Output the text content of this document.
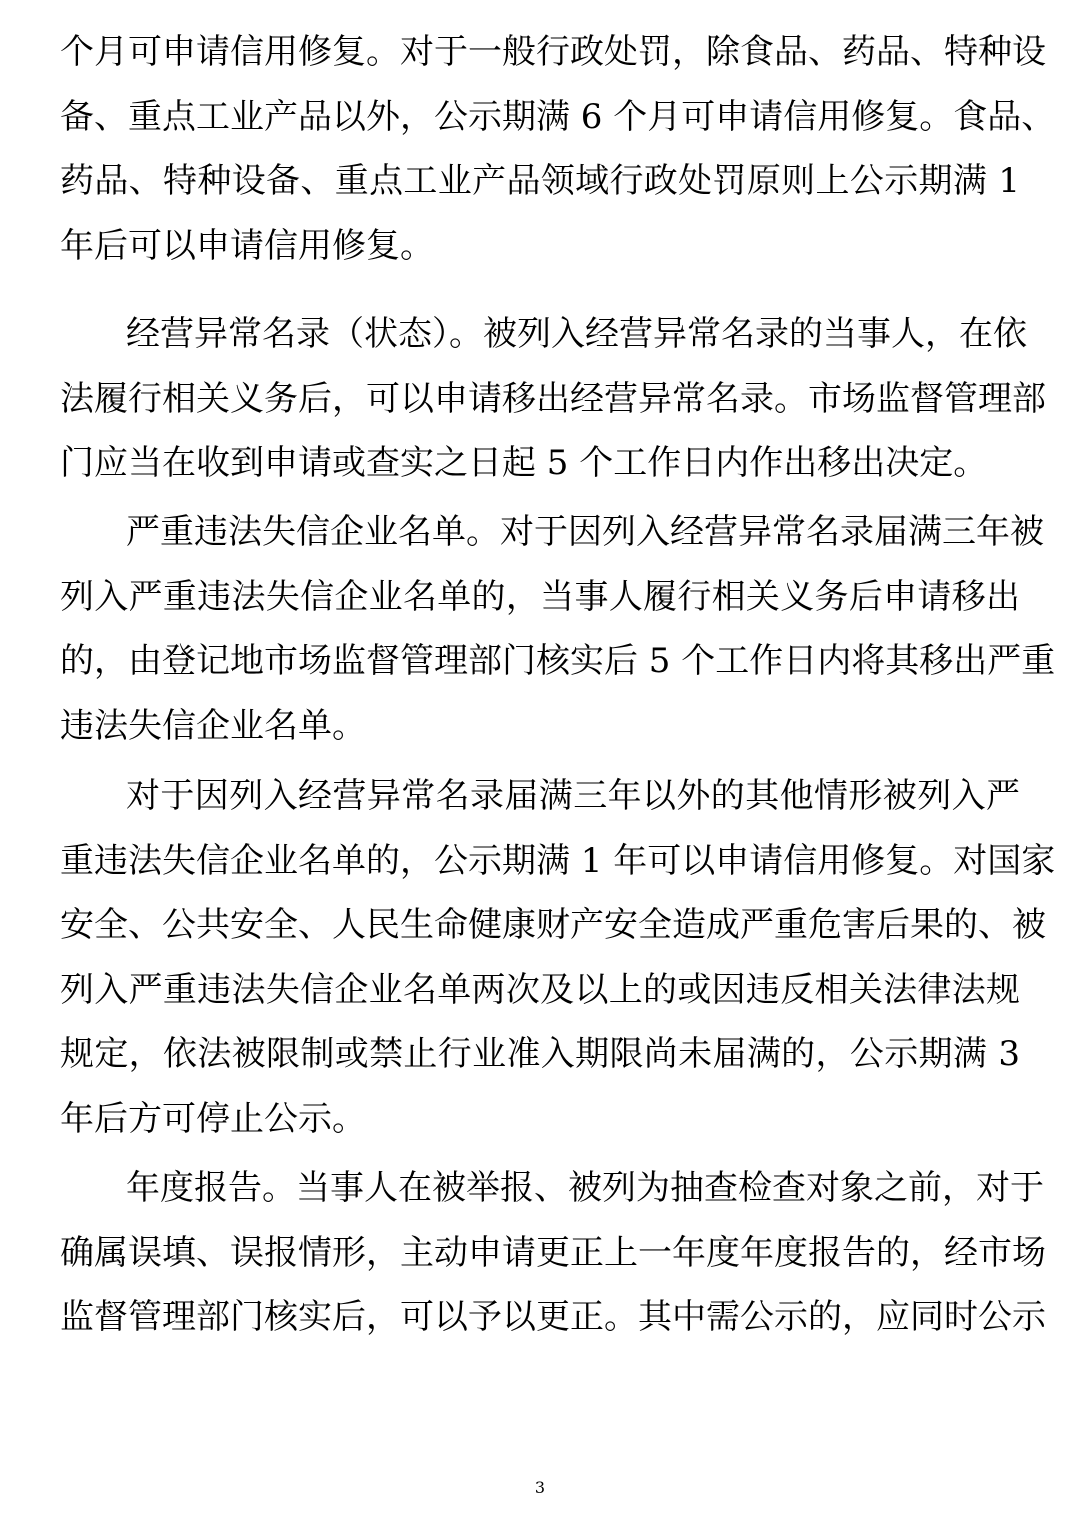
个月可申请信用修复。对于一般行政处罚，除食品、药品、特种设
备、重点工业产品以外，公示期满 6 个月可申请信用修复。食品、
药品、特种设备、重点工业产品领域行政处罚原则上公示期满 1
年后可以申请信用修复。
经营异常名录（状态）。被列入经营异常名录的当事人，在依
法履行相关义务后，可以申请移出经营异常名录。市场监督管理部
门应当在收到申请或查实之日起 5 个工作日内作出移出决定。
严重违法失信企业名单。对于因列入经营异常名录届满三年被
列入严重违法失信企业名单的，当事人履行相关义务后申请移出
的，由登记地市场监督管理部门核实后 5 个工作日内将其移出严重
违法失信企业名单。
对于因列入经营异常名录届满三年以外的其他情形被列入严
重违法失信企业名单的，公示期满 1 年可以申请信用修复。对国家
安全、公共安全、人民生命健康财产安全造成严重危害后果的、被
列入严重违法失信企业名单两次及以上的或因违反相关法律法规
规定，依法被限制或禁止行业准入期限尚未届满的，公示期满 3
年后方可停止公示。
年度报告。当事人在被举报、被列为抽查检查对象之前，对于
确属误填、误报情形，主动申请更正上一年度年度报告的，经市场
监督管理部门核实后，可以予以更正。其中需公示的，应同时公示
3
